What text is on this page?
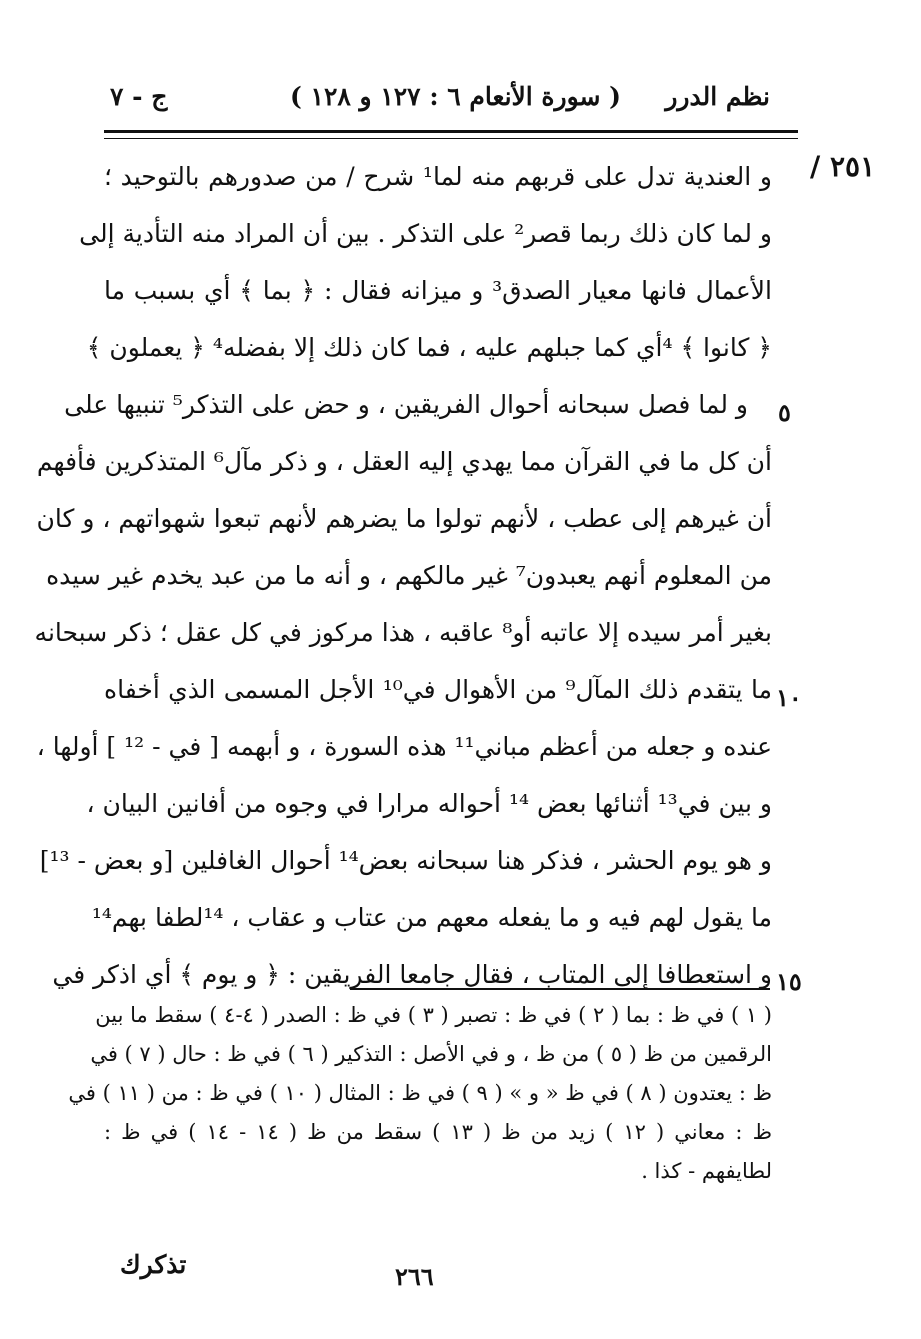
ج - ٧	( سورة الأنعام ٦ : ١٢٧ و ١٢٨ ) نظم الدرر
٢٥١ /
٥
١٠
١٥
و العندية تدل على قربهم منه لما¹ شرح / من صدورهم بالتوحيد ؛
و لما كان ذلك ربما قصر² على التذكر . بين أن المراد منه التأدية إلى
الأعمال فانها معيار الصدق³ و ميزانه فقال : ﴿ بما ﴾ أي بسبب ما
﴿ كانوا ﴾ ⁴أي كما جبلهم عليه ، فما كان ذلك إلا بفضله⁴ ﴿ يعملون ﴾
و لما فصل سبحانه أحوال الفريقين ، و حض على التذكر⁵ تنبيها على
أن كل ما في القرآن مما يهدي إليه العقل ، و ذكر مآل⁶ المتذكرين فأفهم
أن غيرهم إلى عطب ، لأنهم تولوا ما يضرهم لأنهم تبعوا شهواتهم ، و كان
من المعلوم أنهم يعبدون⁷ غير مالكهم ، و أنه ما من عبد يخدم غير سيده
بغير أمر سيده إلا عاتبه أو⁸ عاقبه ، هذا مركوز في كل عقل ؛ ذكر سبحانه
ما يتقدم ذلك المآل⁹ من الأهوال في¹⁰ الأجل المسمى الذي أخفاه
عنده و جعله من أعظم مباني¹¹ هذه السورة ، و أبهمه [ في - ¹² ] أولها ،
و بين في¹³ أثنائها بعض ¹⁴ أحواله مرارا في وجوه من أفانين البيان ،
و هو يوم الحشر ، فذكر هنا سبحانه بعض¹⁴ أحوال الغافلين [و بعض - ¹³]
ما يقول لهم فيه و ما يفعله معهم من عتاب و عقاب ، ¹⁴لطفا بهم¹⁴
و استعطافا إلى المتاب ، فقال جامعا الفريقين : ﴿ و يوم ﴾ أي اذكر في
( ١ ) في ظ : بما ( ٢ ) في ظ : تصبر ( ٣ ) في ظ : الصدر ( ٤-٤ ) سقط ما بين
الرقمين من ظ ( ٥ ) من ظ ، و في الأصل : التذكير ( ٦ ) في ظ : حال ( ٧ ) في
ظ : يعتدون ( ٨ ) في ظ « و » ( ٩ ) في ظ : المثال ( ١٠ ) في ظ : من ( ١١ ) في
ظ : معاني ( ١٢ ) زيد من ظ ( ١٣ ) سقط من ظ ( ١٤ - ١٤ ) في ظ :
لطايفهم - كذا .
تذكرك	٢٦٦
